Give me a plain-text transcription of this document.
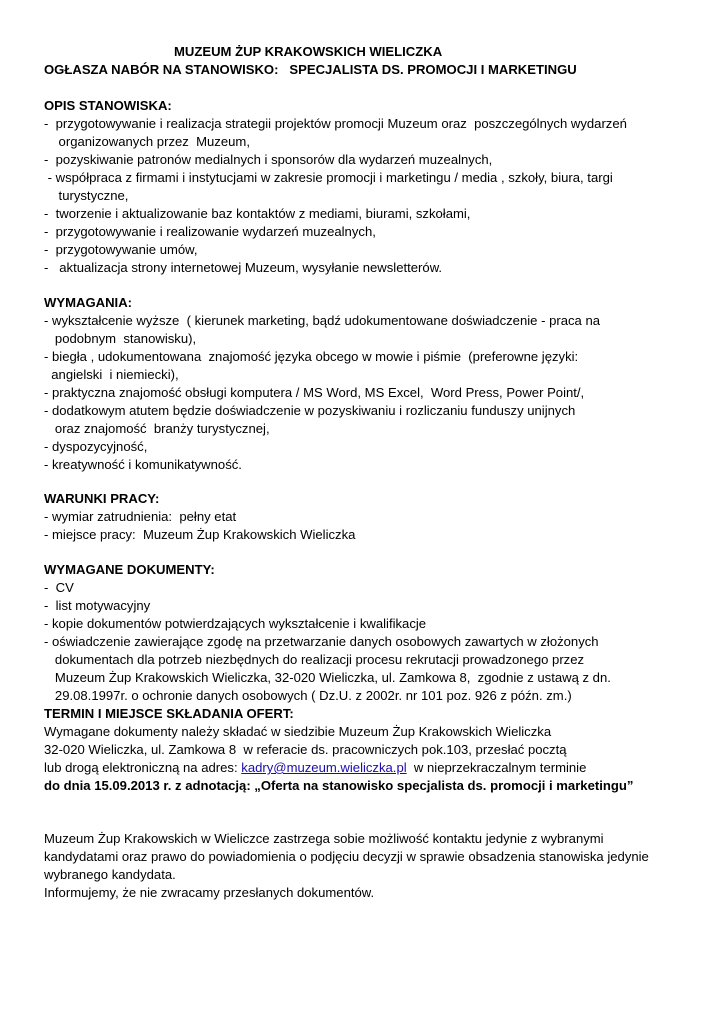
MUZEUM ŻUP KRAKOWSKICH WIELICZKA
OGŁASZA NABÓR NA STANOWISKO:   SPECJALISTA DS. PROMOCJI I MARKETINGU
OPIS STANOWISKA:
-  przygotowywanie i realizacja strategii projektów promocji Muzeum oraz  poszczególnych wydarzeń
organizowanych przez  Muzeum,
-  pozyskiwanie patronów medialnych i sponsorów dla wydarzeń muzealnych,
- współpraca z firmami i instytucjami w zakresie promocji i marketingu / media , szkoły, biura, targi
turystyczne,
-  tworzenie i aktualizowanie baz kontaktów z mediami, biurami, szkołami,
-  przygotowywanie i realizowanie wydarzeń muzealnych,
-  przygotowywanie umów,
-   aktualizacja strony internetowej Muzeum, wysyłanie newsletterów.
WYMAGANIA:
- wykształcenie wyższe  ( kierunek marketing, bądź udokumentowane doświadczenie - praca na
podobnym  stanowisku),
- biegła , udokumentowana  znajomość języka obcego w mowie i piśmie  (preferowne języki:
angielski  i niemiecki),
- praktyczna znajomość obsługi komputera / MS Word, MS Excel,  Word Press, Power Point/,
- dodatkowym atutem będzie doświadczenie w pozyskiwaniu i rozliczaniu funduszy unijnych
oraz znajomość  branży turystycznej,
- dyspozycyjność,
- kreatywność i komunikatywność.
WARUNKI PRACY:
- wymiar zatrudnienia:  pełny etat
- miejsce pracy:  Muzeum Żup Krakowskich Wieliczka
WYMAGANE DOKUMENTY:
-  CV
-  list motywacyjny
- kopie dokumentów potwierdzających wykształcenie i kwalifikacje
- oświadczenie zawierające zgodę na przetwarzanie danych osobowych zawartych w złożonych
dokumentach dla potrzeb niezbędnych do realizacji procesu rekrutacji prowadzonego przez
Muzeum Żup Krakowskich Wieliczka, 32-020 Wieliczka, ul. Zamkowa 8,  zgodnie z ustawą z dn.
29.08.1997r. o ochronie danych osobowych ( Dz.U. z 2002r. nr 101 poz. 926 z późn. zm.)
TERMIN I MIEJSCE SKŁADANIA OFERT:
Wymagane dokumenty należy składać w siedzibie Muzeum Żup Krakowskich Wieliczka
32-020 Wieliczka, ul. Zamkowa 8  w referacie ds. pracowniczych pok.103, przesłać pocztą
lub drogą elektroniczną na adres: kadry@muzeum.wieliczka.pl  w nieprzekraczalnym terminie
do dnia 15.09.2013 r. z adnotacją: „Oferta na stanowisko specjalista ds. promocji i marketingu”
Muzeum Żup Krakowskich w Wieliczce zastrzega sobie możliwość kontaktu jedynie z wybranymi
kandydatami oraz prawo do powiadomienia o podjęciu decyzji w sprawie obsadzenia stanowiska jedynie
wybranego kandydata.
Informujemy, że nie zwracamy przesłanych dokumentów.
